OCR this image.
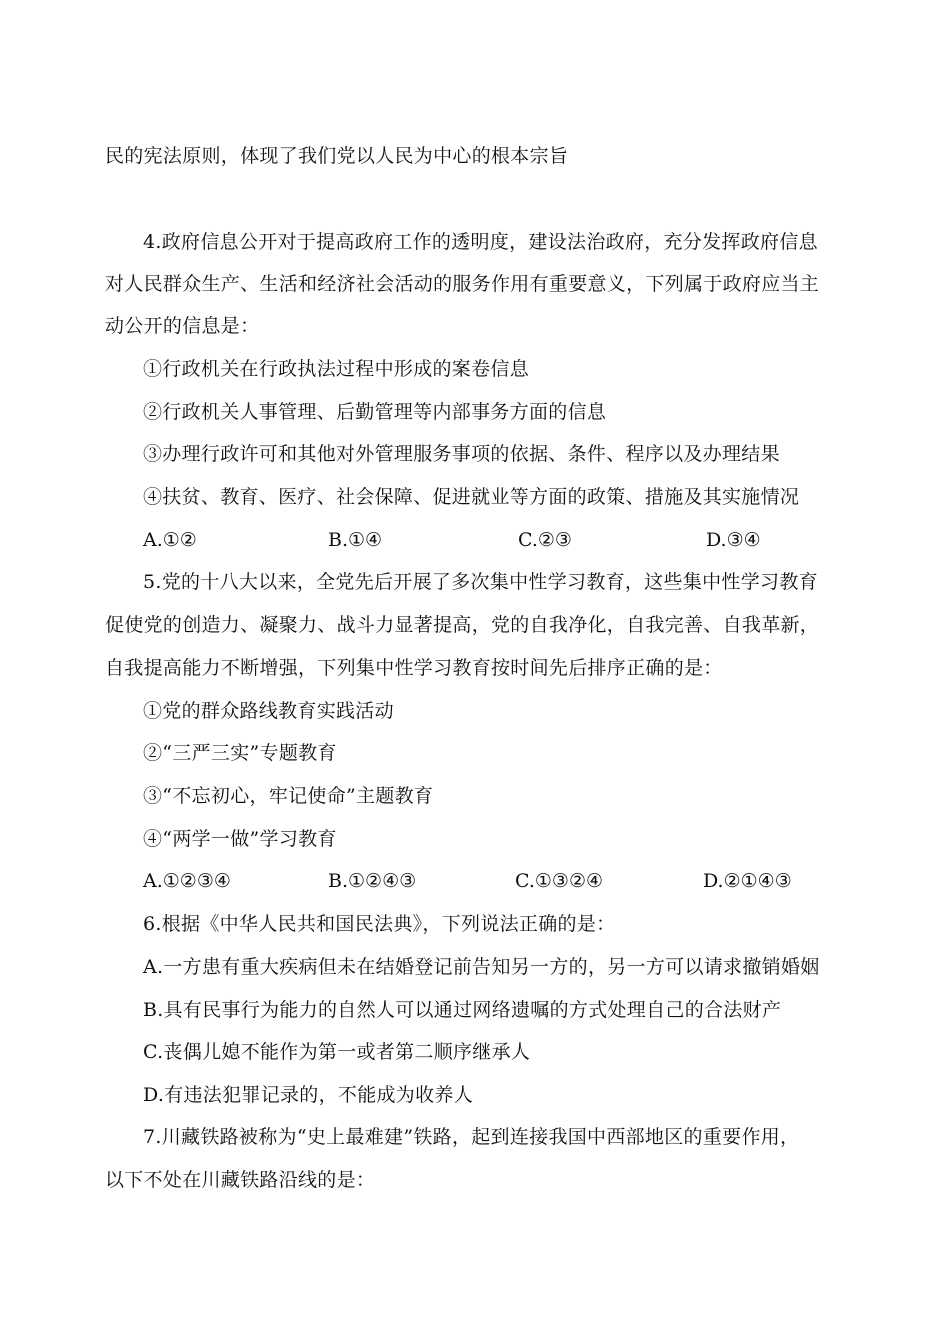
民的宪法原则，体现了我们党以人民为中心的根本宗旨
4.政府信息公开对于提高政府工作的透明度，建设法治政府，充分发挥政府信息
对人民群众生产、生活和经济社会活动的服务作用有重要意义，下列属于政府应当主
动公开的信息是：
①行政机关在行政执法过程中形成的案卷信息
②行政机关人事管理、后勤管理等内部事务方面的信息
③办理行政许可和其他对外管理服务事项的依据、条件、程序以及办理结果
④扶贫、教育、医疗、社会保障、促进就业等方面的政策、措施及其实施情况
A.①②	B.①④	C.②③	D.③④
5.党的十八大以来，全党先后开展了多次集中性学习教育，这些集中性学习教育
促使党的创造力、凝聚力、战斗力显著提高，党的自我净化，自我完善、自我革新，
自我提高能力不断增强，下列集中性学习教育按时间先后排序正确的是：
①党的群众路线教育实践活动
②“三严三实”专题教育
③“不忘初心，牢记使命”主题教育
④“两学一做”学习教育
A.①②③④	B.①②④③	C.①③②④	D.②①④③
6.根据《中华人民共和国民法典》，下列说法正确的是：
A.一方患有重大疾病但未在结婚登记前告知另一方的，另一方可以请求撤销婚姻
B.具有民事行为能力的自然人可以通过网络遗嘱的方式处理自己的合法财产
C.丧偶儿媳不能作为第一或者第二顺序继承人
D.有违法犯罪记录的，不能成为收养人
7.川藏铁路被称为“史上最难建”铁路，起到连接我国中西部地区的重要作用，
以下不处在川藏铁路沿线的是：
